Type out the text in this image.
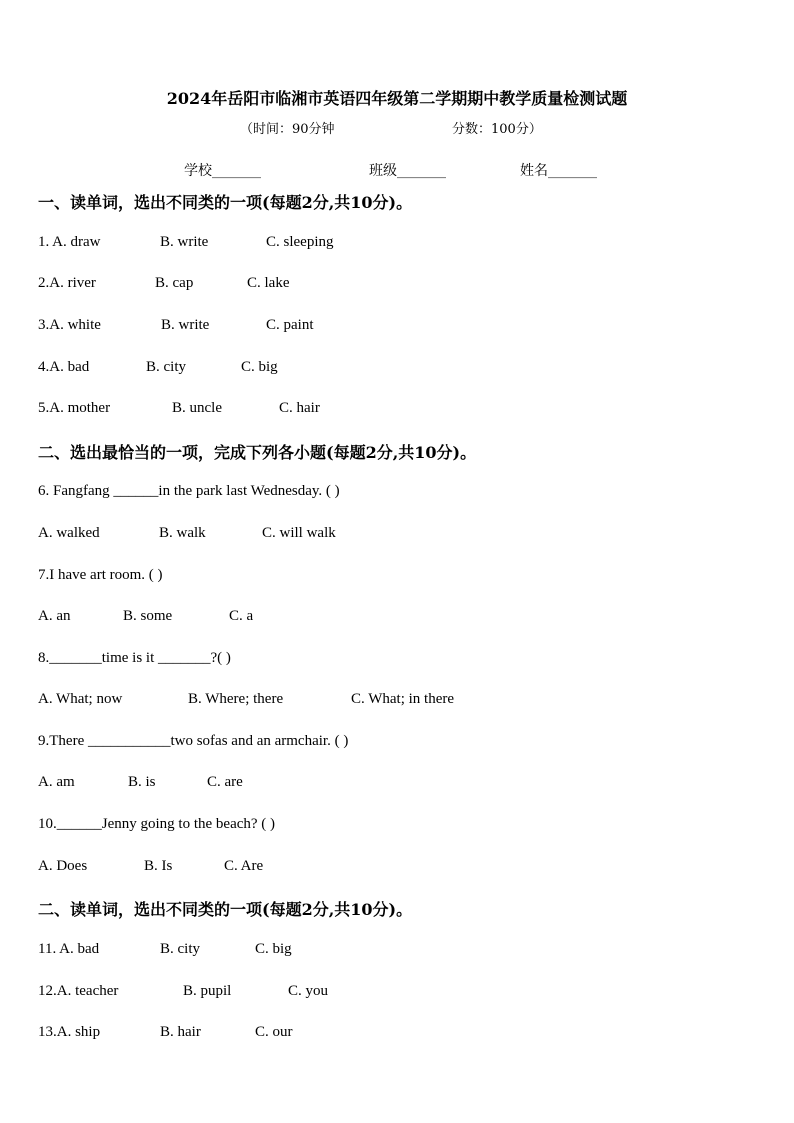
2024年岳阳市临湘市英语四年级第二学期期中教学质量检测试题
（时间：90分钟	分数：100分）
学校_______	班级_______	姓名_______
一、读单词，选出不同类的一项(每题2分,共10分)。
1. A. draw	B. write	C. sleeping
2.A. river	B. cap	C. lake
3.A. white	B. write	C. paint
4.A. bad	B. city	C. big
5.A. mother	B. uncle	C. hair
二、选出最恰当的一项，完成下列各小题(每题2分,共10分)。
6. Fangfang ______in the park last Wednesday. ( )
A. walked	B. walk	C. will walk
7.I have art room. ( )
A. an	B. some	C. a
8._______time is it _______?( )
A. What; now	B. Where; there	C. What; in there
9.There ___________two sofas and an armchair. ( )
A. am	B. is	C. are
10.______Jenny going to the beach? ( )
A. Does	B. Is	C. Are
二、读单词，选出不同类的一项(每题2分,共10分)。
11. A. bad	B. city	C. big
12.A. teacher	B. pupil	C. you
13.A. ship	B. hair	C. our
